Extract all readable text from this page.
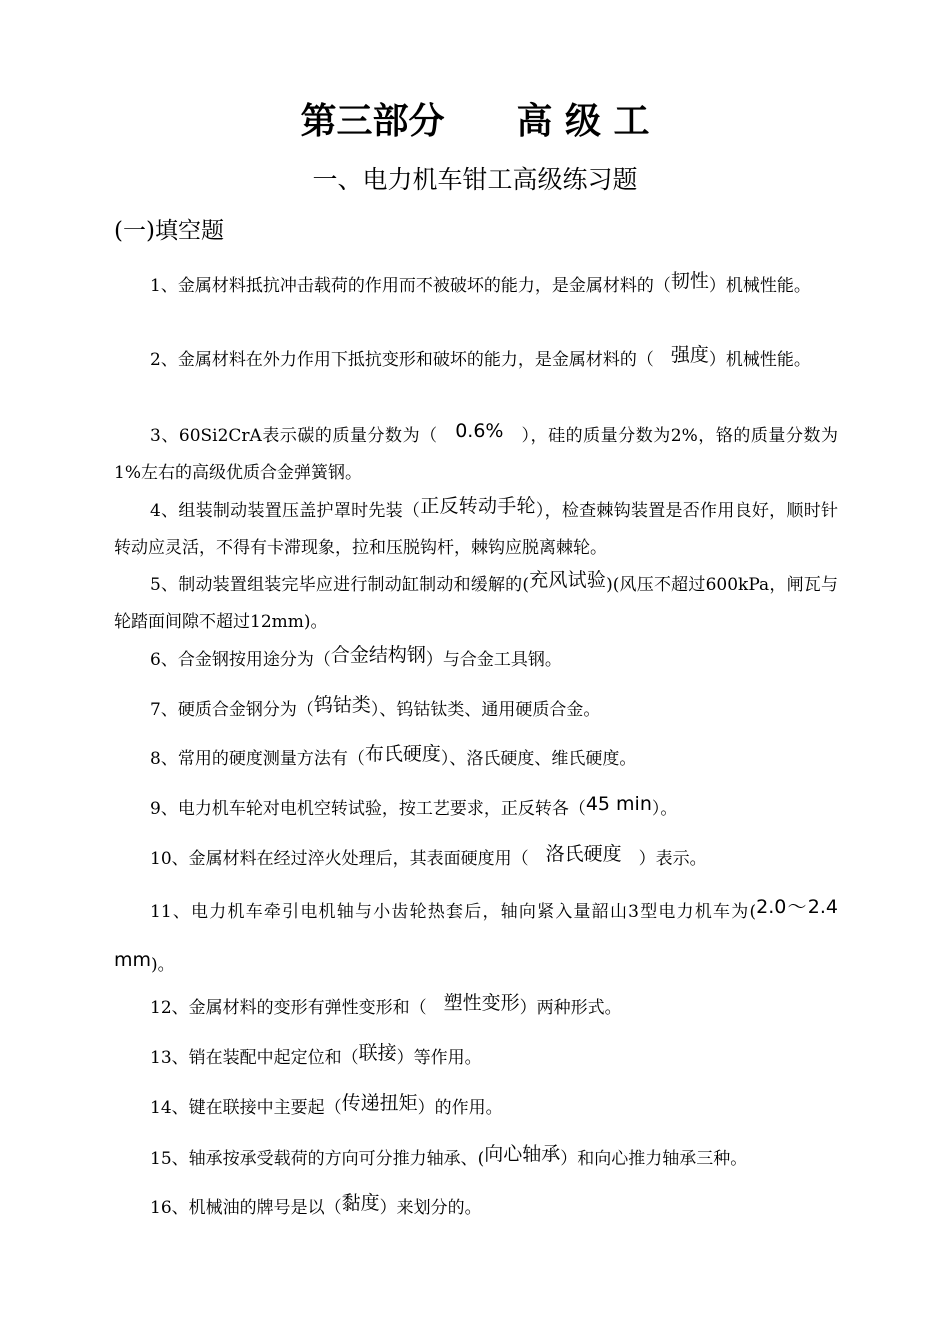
第三部分　　高 级 工
一、电力机车钳工高级练习题
(一)填空题
1、金属材料抵抗冲击载荷的作用而不被破坏的能力，是金属材料的（韧性）机械性能。
2、金属材料在外力作用下抵抗变形和破坏的能力，是金属材料的（　强度）机械性能。
3、60Si2CrA表示碳的质量分数为（　0.6%　），硅的质量分数为2%，铬的质量分数为1%左右的高级优质合金弹簧钢。
4、组装制动装置压盖护罩时先装（正反转动手轮），检查棘钩装置是否作用良好，顺时针转动应灵活，不得有卡滞现象，拉和压脱钩杆，棘钩应脱离棘轮。
5、制动装置组装完毕应进行制动缸制动和缓解的(充风试验)(风压不超过600kPa，闸瓦与轮踏面间隙不超过12mm)。
6、合金钢按用途分为（合金结构钢）与合金工具钢。
7、硬质合金钢分为（钨钴类）、钨钴钛类、通用硬质合金。
8、常用的硬度测量方法有（布氏硬度）、洛氏硬度、维氏硬度。
9、电力机车轮对电机空转试验，按工艺要求，正反转各（45 min）。
10、金属材料在经过淬火处理后，其表面硬度用（　洛氏硬度　）表示。
11、电力机车牵引电机轴与小齿轮热套后，轴向紧入量韶山3型电力机车为(2.0～2.4 mm)。
12、金属材料的变形有弹性变形和（　塑性变形）两种形式。
13、销在装配中起定位和（联接）等作用。
14、键在联接中主要起（传递扭矩）的作用。
15、轴承按承受载荷的方向可分推力轴承、(向心轴承）和向心推力轴承三种。
16、机械油的牌号是以（黏度）来划分的。
